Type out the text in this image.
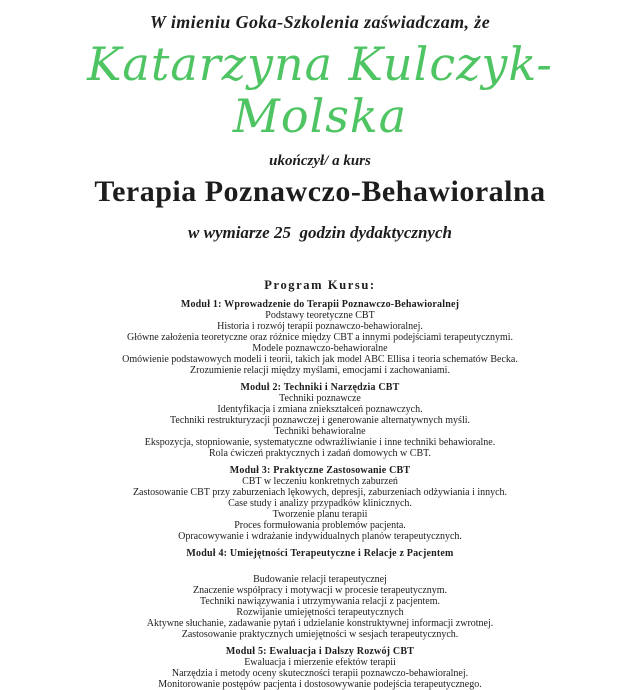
W imieniu Goka-Szkolenia zaświadczam, że
Katarzyna Kulczyk-Molska
ukończył/ a kurs
Terapia Poznawczo-Behawioralna
w wymiarze 25  godzin dydaktycznych
Program Kursu:
Moduł 1: Wprowadzenie do Terapii Poznawczo-Behawioralnej
Podstawy teoretyczne CBT
Historia i rozwój terapii poznawczo-behawioralnej.
Główne założenia teoretyczne oraz różnice między CBT a innymi podejściami terapeutycznymi.
Modele poznawczo-behawioralne
Omówienie podstawowych modeli i teorii, takich jak model ABC Ellisa i teoria schematów Becka.
Zrozumienie relacji między myślami, emocjami i zachowaniami.
Moduł 2: Techniki i Narzędzia CBT
Techniki poznawcze
Identyfikacja i zmiana zniekształceń poznawczych.
Techniki restrukturyzacji poznawczej i generowanie alternatywnych myśli.
Techniki behawioralne
Ekspozycja, stopniowanie, systematyczne odwrażliwianie i inne techniki behawioralne.
Rola ćwiczeń praktycznych i zadań domowych w CBT.
Moduł 3: Praktyczne Zastosowanie CBT
CBT w leczeniu konkretnych zaburzeń
Zastosowanie CBT przy zaburzeniach lękowych, depresji, zaburzeniach odżywiania i innych.
Case study i analizy przypadków klinicznych.
Tworzenie planu terapii
Proces formułowania problemów pacjenta.
Opracowywanie i wdrażanie indywidualnych planów terapeutycznych.
Moduł 4: Umiejętności Terapeutyczne i Relacje z Pacjentem
Budowanie relacji terapeutycznej
Znaczenie współpracy i motywacji w procesie terapeutycznym.
Techniki nawiązywania i utrzymywania relacji z pacjentem.
Rozwijanie umiejętności terapeutycznych
Aktywne słuchanie, zadawanie pytań i udzielanie konstruktywnej informacji zwrotnej.
Zastosowanie praktycznych umiejętności w sesjach terapeutycznych.
Moduł 5: Ewaluacja i Dalszy Rozwój CBT
Ewaluacja i mierzenie efektów terapii
Narzędzia i metody oceny skuteczności terapii poznawczo-behawioralnej.
Monitorowanie postępów pacjenta i dostosowywanie podejścia terapeutycznego.
